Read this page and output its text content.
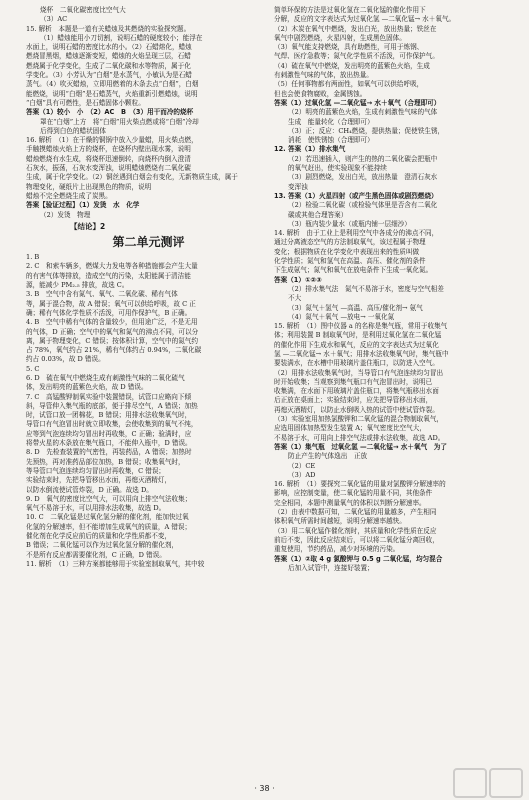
烧杯　二氧化碳密度比空气大
（3）AC
15. 解析　本题是一道有关蜡烛及其燃烧的实验探究题。
（1）蜡烛能用小刀切割，说明石蜡的硬度较小；能浮在
水面上，说明石蜡的密度比水的小。（2）石蜡熔化，蜡烛
燃烧冒黑烟，蜡烛逐渐变短，蜡烛的火焰呈现三层，石蜡
燃烧属于化学变化，生成了二氧化碳和水等物质，属于化
学变化。（3）小芳认为“白烟”是水蒸气，小敏认为是石蜡
蒸气。（4）吹灭蜡烛，立即用燃着的木条去点“白烟”，白烟
能燃烧，说明“白烟”是石蜡蒸气，火焰重新引燃蜡烛，说明
“白烟”具有可燃性，是石蜡固体小颗粒。
答案（1）较小　小　（2）AC　B　（3）用干而冷的烧杯
罩在“白烟”上方　将“白烟”用火柴点燃或将“白烟”冷却
后得到白色的蜡状固体
16. 解析　（1）在干燥的铜锅中放入少量蜡，用火柴点燃，
手触摸蜡烛火焰上方的烧杯，在烧杯内壁出现水雾，说明
蜡烛燃烧有水生成，将烧杯迅速倒转，向烧杯内倒入澄清
石灰水，振荡，石灰水变浑浊，说明蜡烛燃烧有二氧化碳
生成，属于化学变化。（2）铜丝遇到白烟会有变化，无新物质生成，属于
物理变化，硬纸片上出现黑色的物质，说明
蜡烛不完全燃烧生成了炭黑。
答案【验证过程】（1）发烫　水　化学
（2）发烫　物理
【结论】2
第二单元测评
1. B
2. C　和索车辆多，燃煤大力发电等各种措施都会产生大量
的有害气体等排放，造成空气的污染，太阳能属于清洁能
源，能减少 PM₂.₅ 排放，故选 C。
3. B　空气中含有氮气、氧气、二氧化碳、稀有气体
等，属于混合物，故 A 错误；氧气可以供给呼吸，故 C 正
确；稀有气体化学性质不活泼，可用作保护气，B 正确。
4. B　空气中稀有气体的含量较少，但用途广泛，不是无用
的气体，D 正确；空气中的氧气和氮气的沸点不同，可以分
离，属于物理变化，C 错误；按体积计算，空气中的氮气约
占 78%，氧气约占 21%，稀有气体约占 0.94%，二氧化碳
约占 0.03%，故 D 错误。
5. C
6. D　硫在氧气中燃烧生成有刺激性气味的二氧化硫气
体，发出明亮的蓝紫色火焰，故 D 错误。
7. C　高锰酸钾制氧实验中装置错误，试管口应略向下倾
斜，导管伸入集气瓶的底部，便于排尽空气，A 错误；加热
时，试管口放一团棉花，B 错误；用排水法收集氧气时，
导管口有气泡冒出时就立即收集，会使收集到的氧气不纯，
应等到气泡连续均匀冒出时再收集，C 正确；验满时，应
将带火星的木条放在集气瓶口，不能伸入瓶中，D 错误。
8. D　先检查装置的气密性，再装药品，A 错误；加热时
先预热，再对准药品部位加热，B 错误；收集氧气时，
等导管口气泡连续均匀冒出时再收集，C 错误；
实验结束时，先把导管移出水面，再熄灭酒精灯，
以防水倒流使试管炸裂，D 正确。故选 D。
9. D　氧气的密度比空气大，可以用向上排空气法收集；
氧气不易溶于水，可以用排水法收集，故选 D。
10. C　二氧化锰是过氧化氢分解的催化剂，能加快过氧
化氢的分解速率，但不能增加生成氧气的质量，A 错误；
催化剂在化学反应前后的质量和化学性质都不变，
B 错误；二氧化锰可以作为过氧化氢分解的催化剂，
不是所有反应都需要催化剂，C 正确，D 错误。
11. 解析　（1）三种方案都能够用于实验室制取氧气，其中较
简单环保的方法是过氧化氢在二氧化锰的催化作用下
分解，反应的文字表达式为过氧化氢 —二氧化锰→ 水＋氧气。
（2）木炭在氧气中燃烧，发出白光，放出热量；铁丝在
氧气中剧烈燃烧，火星四射，生成黑色固体。
（3）氧气能支持燃烧，具有助燃性，可用于炼钢、
气焊、医疗急救等；氮气化学性质不活泼，可作保护气。
（4）硫在氧气中燃烧，发出明亮的蓝紫色火焰，生成
有刺激性气味的气体，放出热量。
（5）任何事物都有两面性，如氧气可以供给呼吸，
但也会使食物腐败，金属锈蚀。
答案（1）过氧化氢 —二氧化锰→ 水＋氧气（合理即可）
（2）明亮的蓝紫色火焰，生成有刺激性气味的气体
生成　能量转化（合理即可）
（3）正；反应：CH₄燃烧，提供热量；促使铁生锈，
消耗　使铁锈蚀（合理即可）
12. 答案（1）排水集气
（2）若迅速插入，则产生的热的二氧化碳会把瓶中
的氧气赶出，使实验现象不能持续
（3）剧烈燃烧，发出白光，放出热量　澄清石灰水
变浑浊
13. 答案（1）火星四射（或产生黑色固体或剧烈燃烧）
（2）检验二氧化碳（或检验气体里是否含有二氧化
碳或其他合理答案）
（3）瓶内装少量水（或瓶内铺一层细沙）
14. 解析　由于工业上是利用空气中各成分的沸点不同，
通过分离液态空气的方法制取氧气，该过程属于物理
变化；根据物质在化学变化中表现出来的性质叫做
化学性质；氮气和氢气在高温、高压、催化剂的条件
下生成氨气；氮气和氧气在放电条件下生成一氧化氮。
答案（1）①②③
（2）排水集气法　氮气不易溶于水，密度与空气相差
不大
（3）氮气＋氢气 —高温、高压/催化剂→ 氨气
（4）氮气＋氧气 —放电→ 一氧化氮
15. 解析　（1）图中仪器 a 的名称是集气瓶，常用于收集气
体；利用装置 B 制取氧气时，是利用过氧化氢在二氧化锰
的催化作用下生成水和氧气，反应的文字表达式为过氧化
氢 —二氧化锰→ 水＋氧气；用排水法收集氧气时，集气瓶中
要装满水，在水槽中用玻璃片盖住瓶口，以防进入空气。
（2）用排水法收集氧气时，当导管口有气泡连续均匀冒出
时开始收集；当观察到集气瓶口有气泡冒出时，说明已
收集满，在水面下用玻璃片盖住瓶口，将集气瓶移出水面
后正放在桌面上；实验结束时，应先把导管移出水面，
再熄灭酒精灯，以防止水倒吸入热的试管中使试管炸裂。
（3）实验室用加热氯酸钾和二氧化锰的混合物制取氧气，
应选用固体加热型发生装置 A；氧气密度比空气大，
不易溶于水，可用向上排空气法或排水法收集，故选 AD。
答案（1）集气瓶　过氧化氢 —二氧化锰→ 水＋氧气　为了
防止产生的气体逸出　正放
（2）CE
（3）AD
16. 解析　（1）要探究二氧化锰的用量对氯酸钾分解速率的
影响，应控制变量，使二氧化锰的用量不同，其他条件
完全相同，本题中测量氧气的体积以判断分解速率。
（2）由表中数据可知，二氧化锰的用量越多，产生相同
体积氧气所需时间越短，说明分解速率越快。
（3）用二氧化锰作催化剂时，其质量和化学性质在反应
前后不变，因此反应结束后，可以将二氧化锰分离回收，
重复使用，节约药品，减少对环境的污染。
答案（1）②取 4 g 氯酸钾与 0.5 g 二氧化锰，均匀混合
后加入试管中，连接好装置；
· 38 ·
